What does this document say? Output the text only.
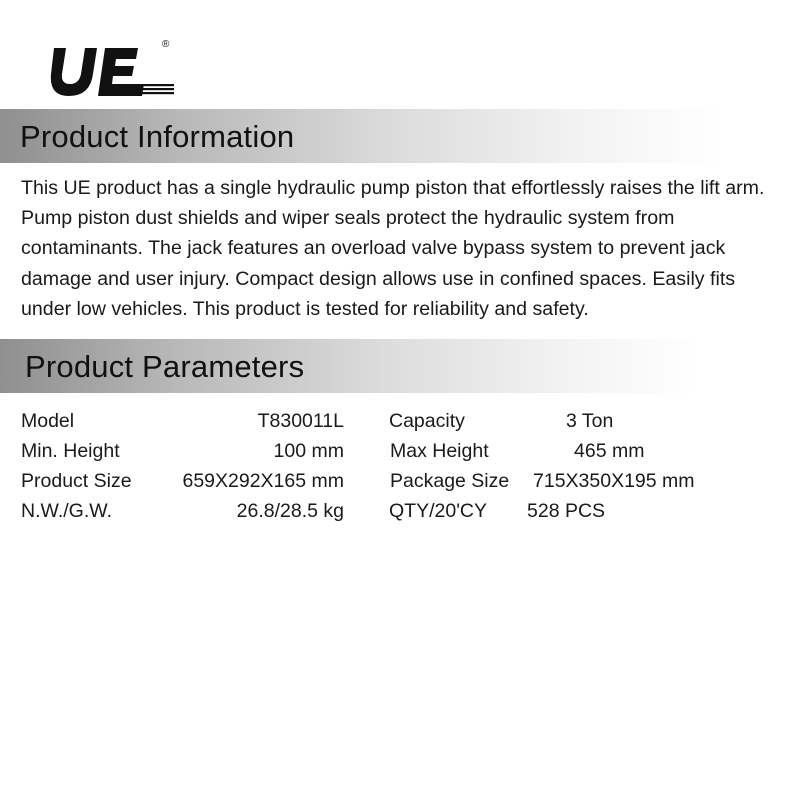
®
Product Information

This UE product has a single hydraulic pump piston that effortlessly raises the lift arm. Pump piston dust shields and wiper seals protect the hydraulic system from contaminants. The jack features an overload valve bypass system to prevent jack damage and user injury. Compact design allows use in confined spaces. Easily fits under low vehicles. This product is tested for reliability and safety.

Product Parameters
Model	T830011L Capacity	3 Ton
Min. Height	100 mm Max Height	465 mm
Product Size	659X292X165 mm Package Size 715X350X195 mm
N.W./G.W.	26.8/28.5 kg QTY/20'CY 528 PCS
